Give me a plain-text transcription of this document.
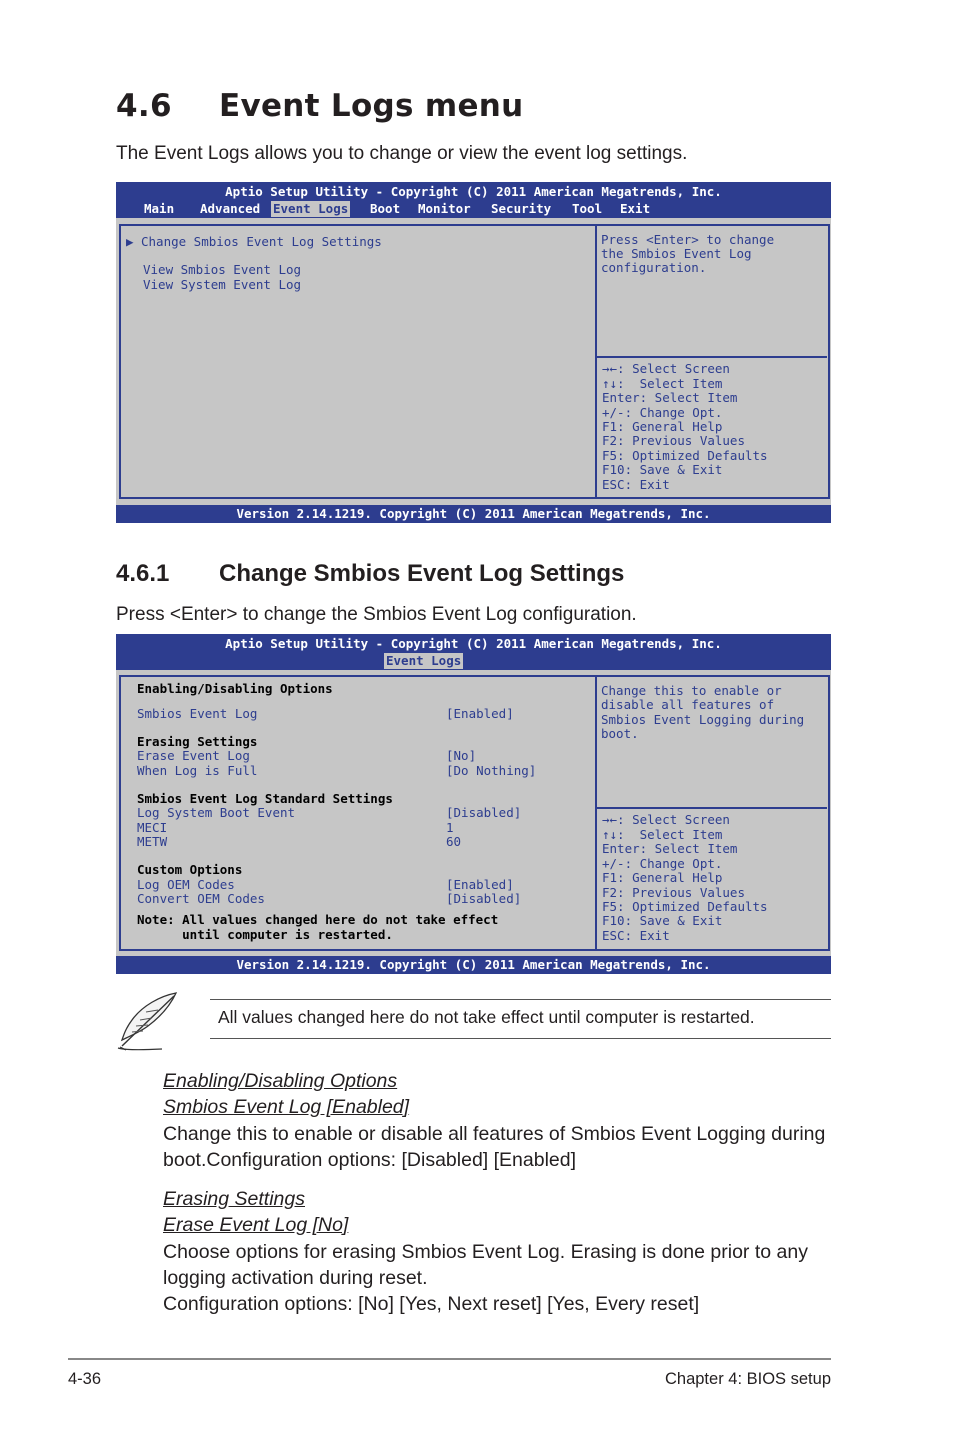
4.6 Event Logs menu
The Event Logs allows you to change or view the event log settings.
Aptio Setup Utility - Copyright (C) 2011 American Megatrends, Inc.

Main

Advanced

Event Logs

Boot

Monitor

Security

Tool

Exit

▶ Change Smbios Event Log Settings
View Smbios Event Log
View System Event Log
Press <Enter> to change
the Smbios Event Log
configuration.
→←: Select Screen
↑↓:  Select Item
Enter: Select Item
+/-: Change Opt.
F1: General Help
F2: Previous Values
F5: Optimized Defaults
F10: Save & Exit
ESC: Exit
Version 2.14.1219. Copyright (C) 2011 American Megatrends, Inc.
4.6.1 Change Smbios Event Log Settings
Press <Enter> to change the Smbios Event Log configuration.
Aptio Setup Utility - Copyright (C) 2011 American Megatrends, Inc.

Event Logs

Enabling/Disabling Options
Smbios Event Log	[Enabled]
Erasing Settings
Erase Event Log	[No]
When Log is Full	[Do Nothing]
Smbios Event Log Standard Settings
Log System Boot Event	[Disabled]
MECI	1
METW	60
Custom Options
Log OEM Codes	[Enabled]
Convert OEM Codes	[Disabled]
Note: All values changed here do not take effect
until computer is restarted.
Change this to enable or
disable all features of
Smbios Event Logging during
boot.
→←: Select Screen
↑↓:  Select Item
Enter: Select Item
+/-: Change Opt.
F1: General Help
F2: Previous Values
F5: Optimized Defaults
F10: Save & Exit
ESC: Exit
Version 2.14.1219. Copyright (C) 2011 American Megatrends, Inc.
All values changed here do not take effect until computer is restarted.
Enabling/Disabling Options
Smbios Event Log [Enabled]
Change this to enable or disable all features of Smbios Event Logging during boot.Configuration options: [Disabled] [Enabled]
Erasing Settings
Erase Event Log [No]
Choose options for erasing Smbios Event Log. Erasing is done prior to any logging activation during reset.
Configuration options: [No] [Yes, Next reset] [Yes, Every reset]
4-36	Chapter 4: BIOS setup
